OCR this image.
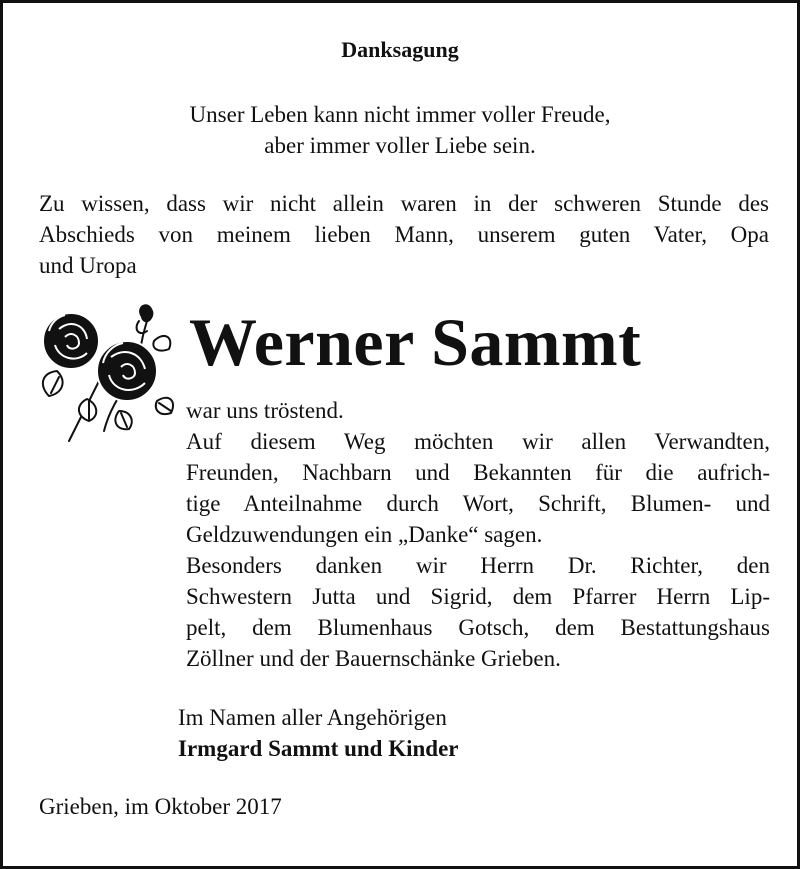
Danksagung
Unser Leben kann nicht immer voller Freude,
aber immer voller Liebe sein.
Zu wissen, dass wir nicht allein waren in der schweren Stunde des
Abschieds von meinem lieben Mann, unserem guten Vater, Opa
und Uropa
Werner Sammt
war uns tröstend.
Auf diesem Weg möchten wir allen Verwandten,
Freunden, Nachbarn und Bekannten für die aufrich-
tige Anteilnahme durch Wort, Schrift, Blumen- und
Geldzuwendungen ein „Danke“ sagen.
Besonders danken wir Herrn Dr. Richter, den
Schwestern Jutta und Sigrid, dem Pfarrer Herrn Lip-
pelt, dem Blumenhaus Gotsch, dem Bestattungshaus
Zöllner und der Bauernschänke Grieben.
Im Namen aller Angehörigen
Irmgard Sammt und Kinder
Grieben, im Oktober 2017
